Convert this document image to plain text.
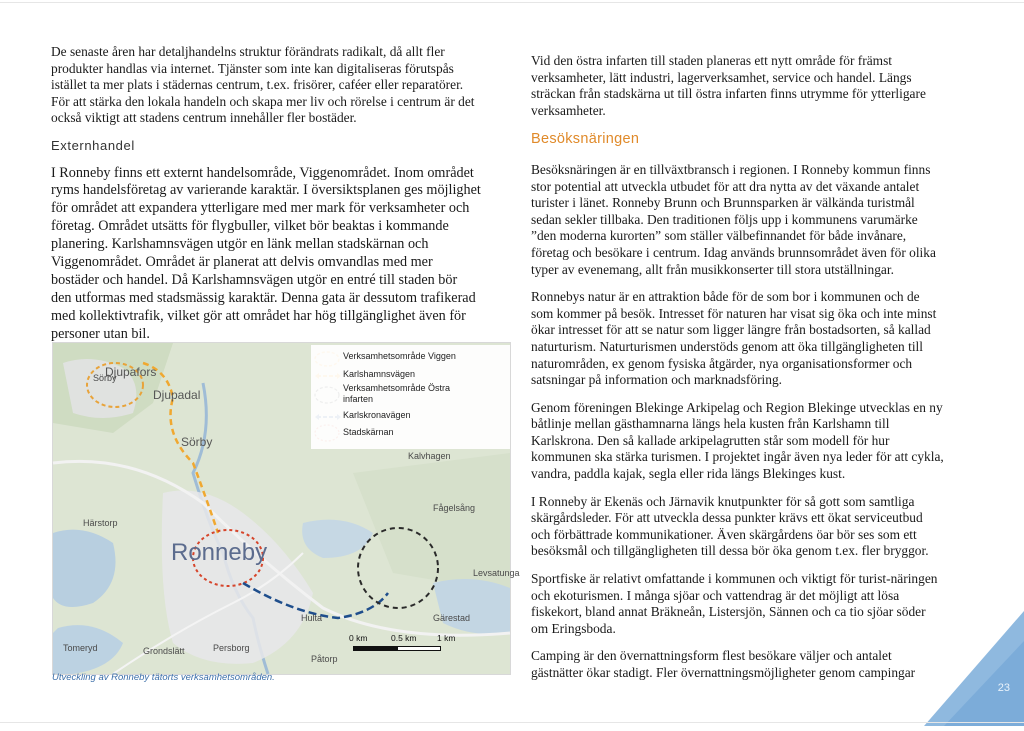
De senaste åren har detaljhandelns struktur förändrats radikalt, då allt fler produkter handlas via internet. Tjänster som inte kan digitaliseras förutspås istället ta mer plats i städernas centrum, t.ex. frisörer, caféer eller reparatörer. För att stärka den lokala handeln och skapa mer liv och rörelse i centrum är det också viktigt att stadens centrum innehåller fler bostäder.

Externhandel

I Ronneby finns ett externt handelsområde, Viggenområdet. Inom området ryms handelsföretag av varierande karaktär. I översiktsplanen ges möjlighet för området att expandera ytterligare med mer mark för verksamheter och företag. Området utsätts för flygbuller, vilket bör beaktas i kommande planering. Karlshamnsvägen utgör en länk mellan stadskärnan och Viggenområdet. Området är planerat att delvis omvandlas med mer bostäder och handel. Då Karlshamnsvägen utgör en entré till staden bör den utformas med stadsmässig karaktär. Denna gata är dessutom trafikerad med kollektivtrafik, vilket gör att området har hög tillgänglighet även för personer utan bil.

Vid den östra infarten till staden planeras ett nytt område för främst verksamheter, lätt industri, lagerverksamhet, service och handel. Längs sträckan från stadskärna ut till östra infarten finns utrymme för ytterligare verksamheter.

Besöksnäringen

Besöksnäringen är en tillväxtbransch i regionen. I Ronneby kommun finns stor potential att utveckla utbudet för att dra nytta av det växande antalet turister i länet. Ronneby Brunn och Brunnsparken är välkända turistmål sedan sekler tillbaka. Den traditionen följs upp i kommunens varumärke ”den moderna kurorten” som ställer välbefinnandet för både invånare, företag och besökare i centrum. Idag används brunnsområdet även för olika typer av evenemang, allt från musikkonserter till stora utställningar.

Ronnebys natur är en attraktion både för de som bor i kommunen och de som kommer på besök. Intresset för naturen har visat sig öka och inte minst ökar intresset för att se natur som ligger längre från bostadsorten, så kallad naturturism. Naturturismen understöds genom att öka tillgängligheten till naturområden, ex genom fysiska åtgärder, nya organisationsformer och satsningar på information och marknadsföring.

Genom föreningen Blekinge Arkipelag och Region Blekinge utvecklas en ny båtlinje mellan gästhamnarna längs hela kusten från Karlshamn till Karlskrona. Den så kallade arkipelagrutten står som modell för hur kommunen ska stärka turismen. I projektet ingår även nya leder för att cykla, vandra, paddla kajak, segla eller rida längs Blekinges kust.

I Ronneby är Ekenäs och Järnavik knutpunkter för så gott som samtliga skärgårdsleder. För att utveckla dessa punkter krävs ett ökat serviceutbud och förbättrade kommunikationer. Även skärgårdens öar bör ses som ett besöksmål och tillgängligheten till dessa bör öka genom t.ex. fler bryggor.

Sportfiske är relativt omfattande i kommunen och viktigt för turist-näringen och ekoturismen. I många sjöar och vattendrag är det möjligt att lösa fiskekort, bland annat Bräkneån, Listersjön, Sännen och ca tio sjöar söder om Eringsboda.

Camping är den övernattningsform flest besökare väljer och antalet gästnätter ökar stadigt. Fler övernattningsmöjligheter genom campingar

Verksamhetsområde Viggen
Karlshamnsvägen
Verksamhetsområde Östra infarten
Karlskronavägen
Stadskärnan
Djupafors
Djupadal
Sörby
Sörby
Ronneby
Hulta
Påtorp
Gärestad
Kalvhagen
Härstorp
Tomeryd	Grondslätt	Persborg
Fågelsång
Levsatunga
0 km	0.5 km 1 km
Utveckling av Ronneby tätorts verksamhetsområden.
23
